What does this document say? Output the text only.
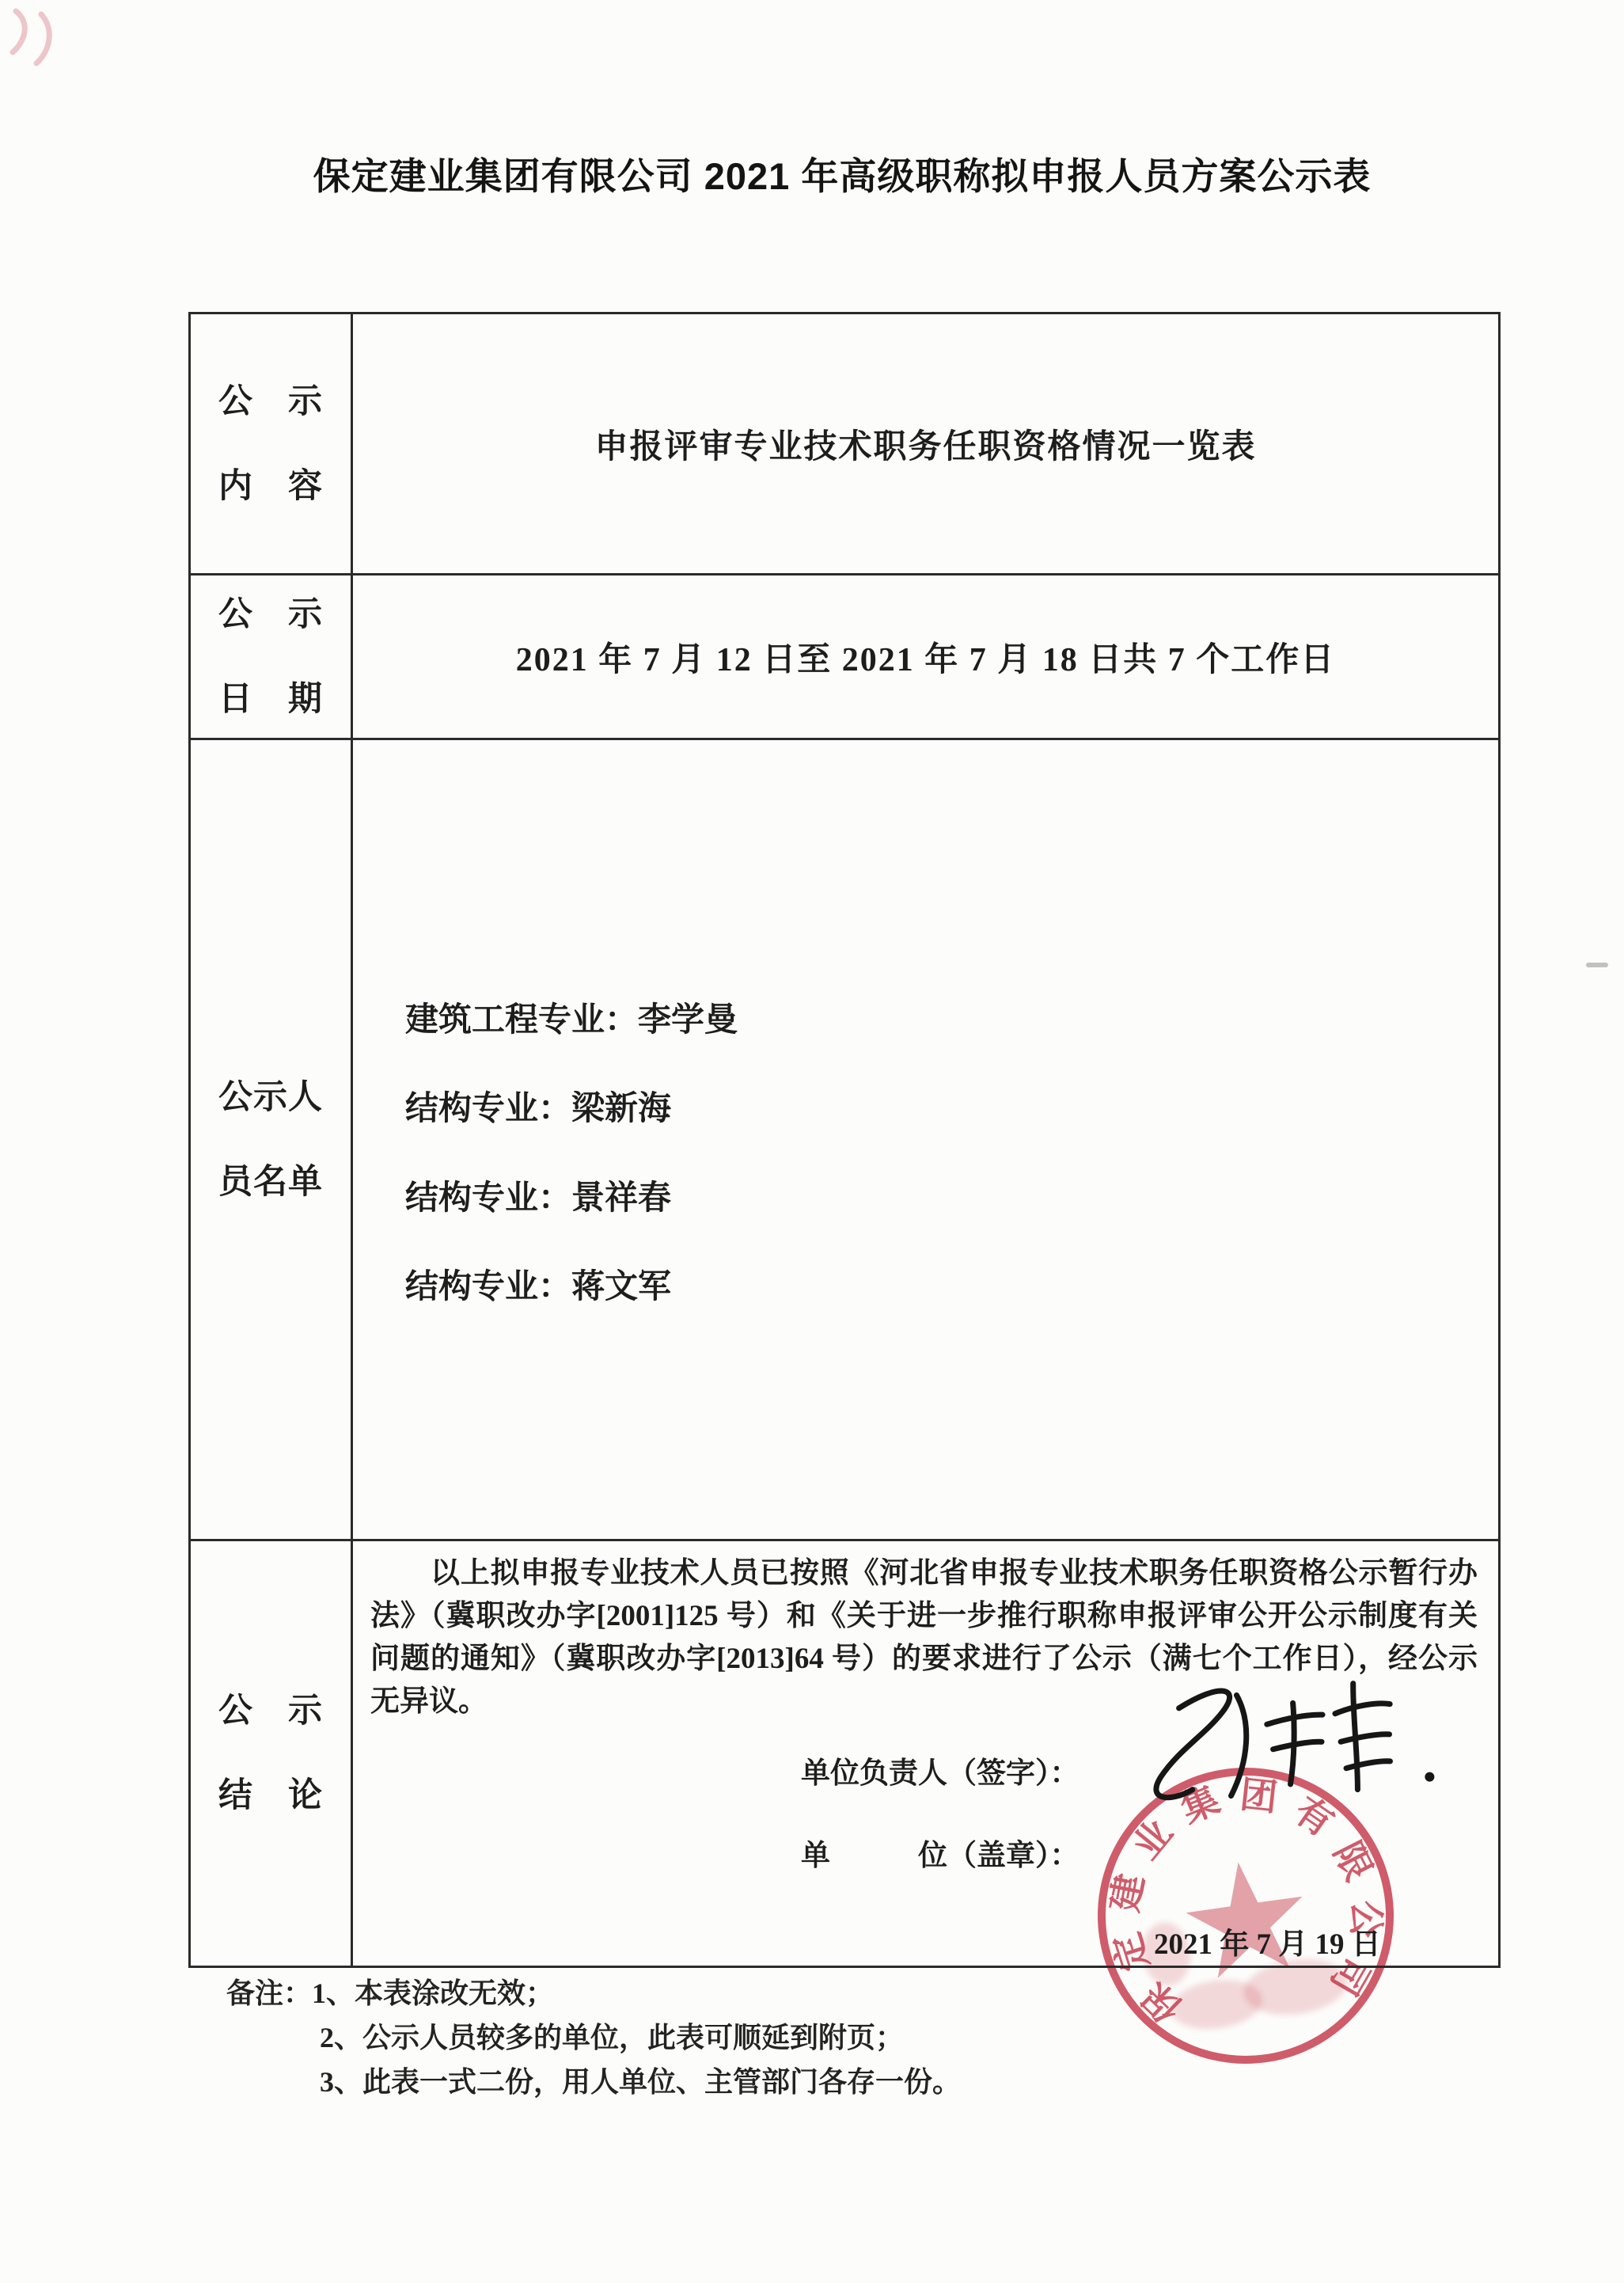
保定建业集团有限公司 2021 年高级职称拟申报人员方案公示表
保
定
建
业
集 团 有
限
公
司
公　示
内　容
申报评审专业技术职务任职资格情况一览表
公　示
日　期
2021 年 7 月 12 日至 2021 年 7 月 18 日共 7 个工作日
公示人
员名单
建筑工程专业：李学曼
结构专业：梁新海
结构专业：景祥春
结构专业：蒋文军
公　示
结　论
以上拟申报专业技术人员已按照《河北省申报专业技术职务任职资格公示暂行办法》（冀职改办字[2001]125 号）和《关于进一步推行职称申报评审公开公示制度有关问题的通知》（冀职改办字[2013]64 号）的要求进行了公示（满七个工作日），经公示无异议。
单位负责人（签字）：
单　　　位（盖章）：
2021 年 7 月 19 日
备注：1、本表涂改无效；
2、公示人员较多的单位，此表可顺延到附页；
3、此表一式二份，用人单位、主管部门各存一份。
